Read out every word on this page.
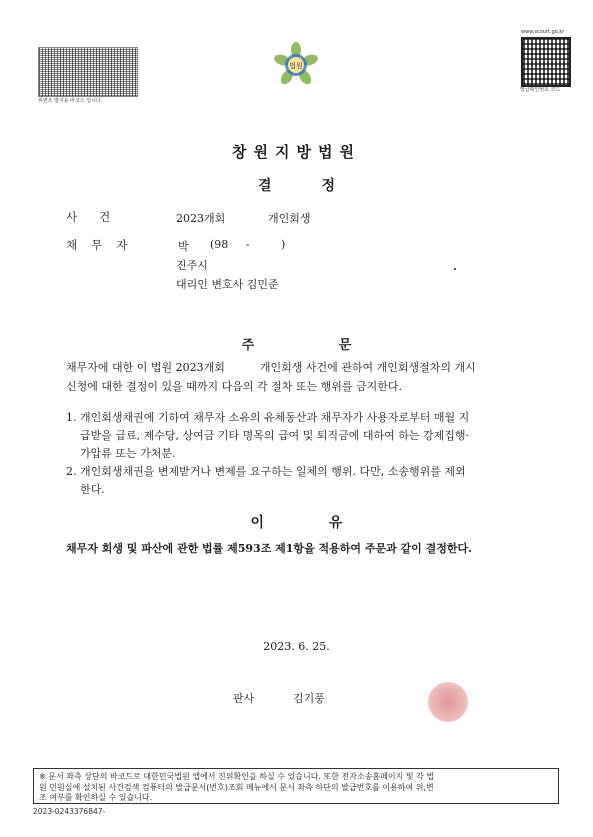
위변조 방지용 바코드 입니다.
법원
www.scourt.go.kr
발급확인번호 코드
창원지방법원
결정
사건	2023개회	개인회생
채무자	박 (98     -         )
진주시
대리인 변호사 김민준
주 문
채무자에 대한 이 법원 2023개회          개인회생 사건에 관하여 개인회생절차의 개시
신청에 대한 결정이 있을 때까지 다음의 각 절차 또는 행위를 금지한다.
1. 개인회생채권에 기하여 채무자 소유의 유체동산과 채무자가 사용자로부터 매월 지
급받을 급료, 제수당, 상여금 기타 명목의 급여 및 퇴직금에 대하여 하는 강제집행·
가압류 또는 가처분.
2. 개인회생채권을 변제받거나 변제를 요구하는 일체의 행위. 다만, 소송행위를 제외
한다.
이 유
채무자 회생 및 파산에 관한 법률 제593조 제1항을 적용하여 주문과 같이 결정한다.
2023. 6. 25.
판사	김기풍
※ 문서 좌측 상단의 바코드로 대한민국법원 앱에서 진위확인을 하실 수 있습니다. 또한 전자소송홈페이지 및 각 법
원 민원실에 설치된 사건검색 컴퓨터의 발급문서(번호)조회 메뉴에서 문서 좌측 하단의 발급번호를 이용하여 위,변
조 여부를 확인하실 수 있습니다.
2023-0243376847-
